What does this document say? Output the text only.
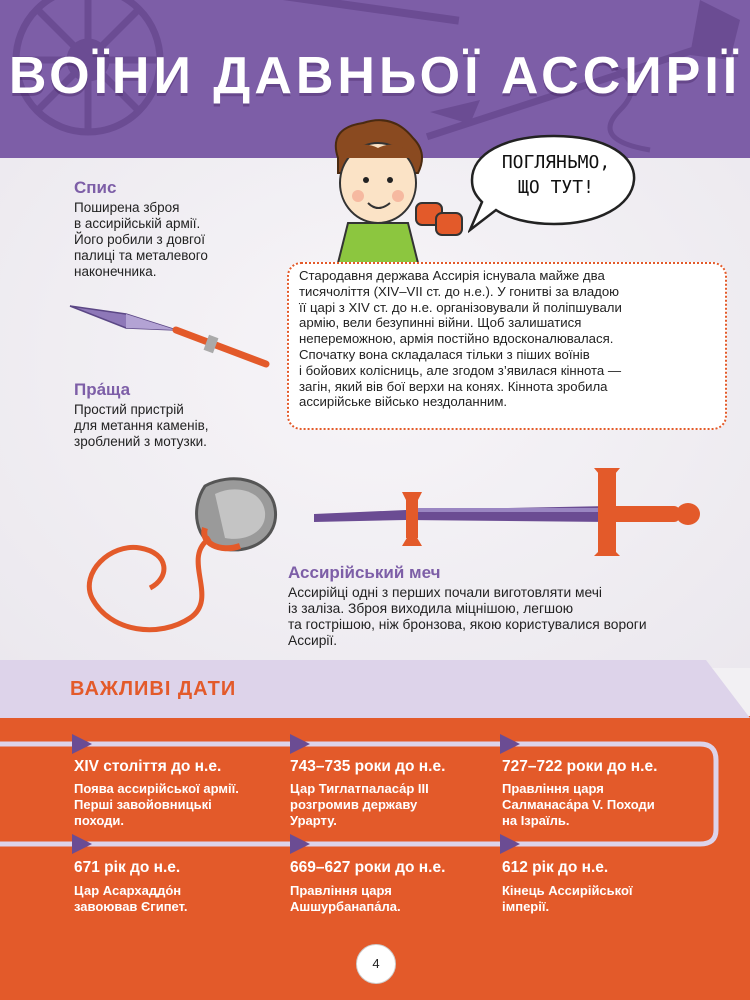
ВОЇНИ ДАВНЬОЇ АССИРІЇ
ПОГЛЯНЬМО,
ЩО ТУТ!
Спис
Поширена зброя
в ассирійській армії.
Його робили з довгої
палиці та металевого
наконечника.
Пра́ща
Простий пристрій
для метання каменів,
зроблений з мотузки.
Стародавня держава Ассирія існувала майже два
тисячоліття (XIV–VII ст. до н.е.). У гонитві за владою
її царі з XIV ст. до н.е. організовували й поліпшували
армію, вели безупинні війни. Щоб залишатися
непереможною, армія постійно вдосконалювалася.
Спочатку вона складалася тільки з піших воїнів
і бойових колісниць, але згодом з’явилася кіннота —
загін, який вів бої верхи на конях. Кіннота зробила
ассирійське військо нездоланним.
Ассирійський меч
Ассирійці одні з перших почали виготовляти мечі
із заліза. Зброя виходила міцнішою, легшою
та гострішою, ніж бронзова, якою користувалися вороги
Ассирії.
ВАЖЛИВІ ДАТИ
XIV століття до н.е.
Поява ассирійської армії.
Перші завойовницькі
походи.
743–735 роки до н.е.
Цар Тиглатпаласа́р III
розгромив державу
Урарту.
727–722 роки до н.е.
Правління царя
Салманаса́ра V. Походи
на Ізраїль.
671 рік до н.е.
Цар Асархаддо́н
завоював Єгипет.
669–627 роки до н.е.
Правління царя
Ашшурбанапа́ла.
612 рік до н.е.
Кінець Ассирійської
імперії.
4
